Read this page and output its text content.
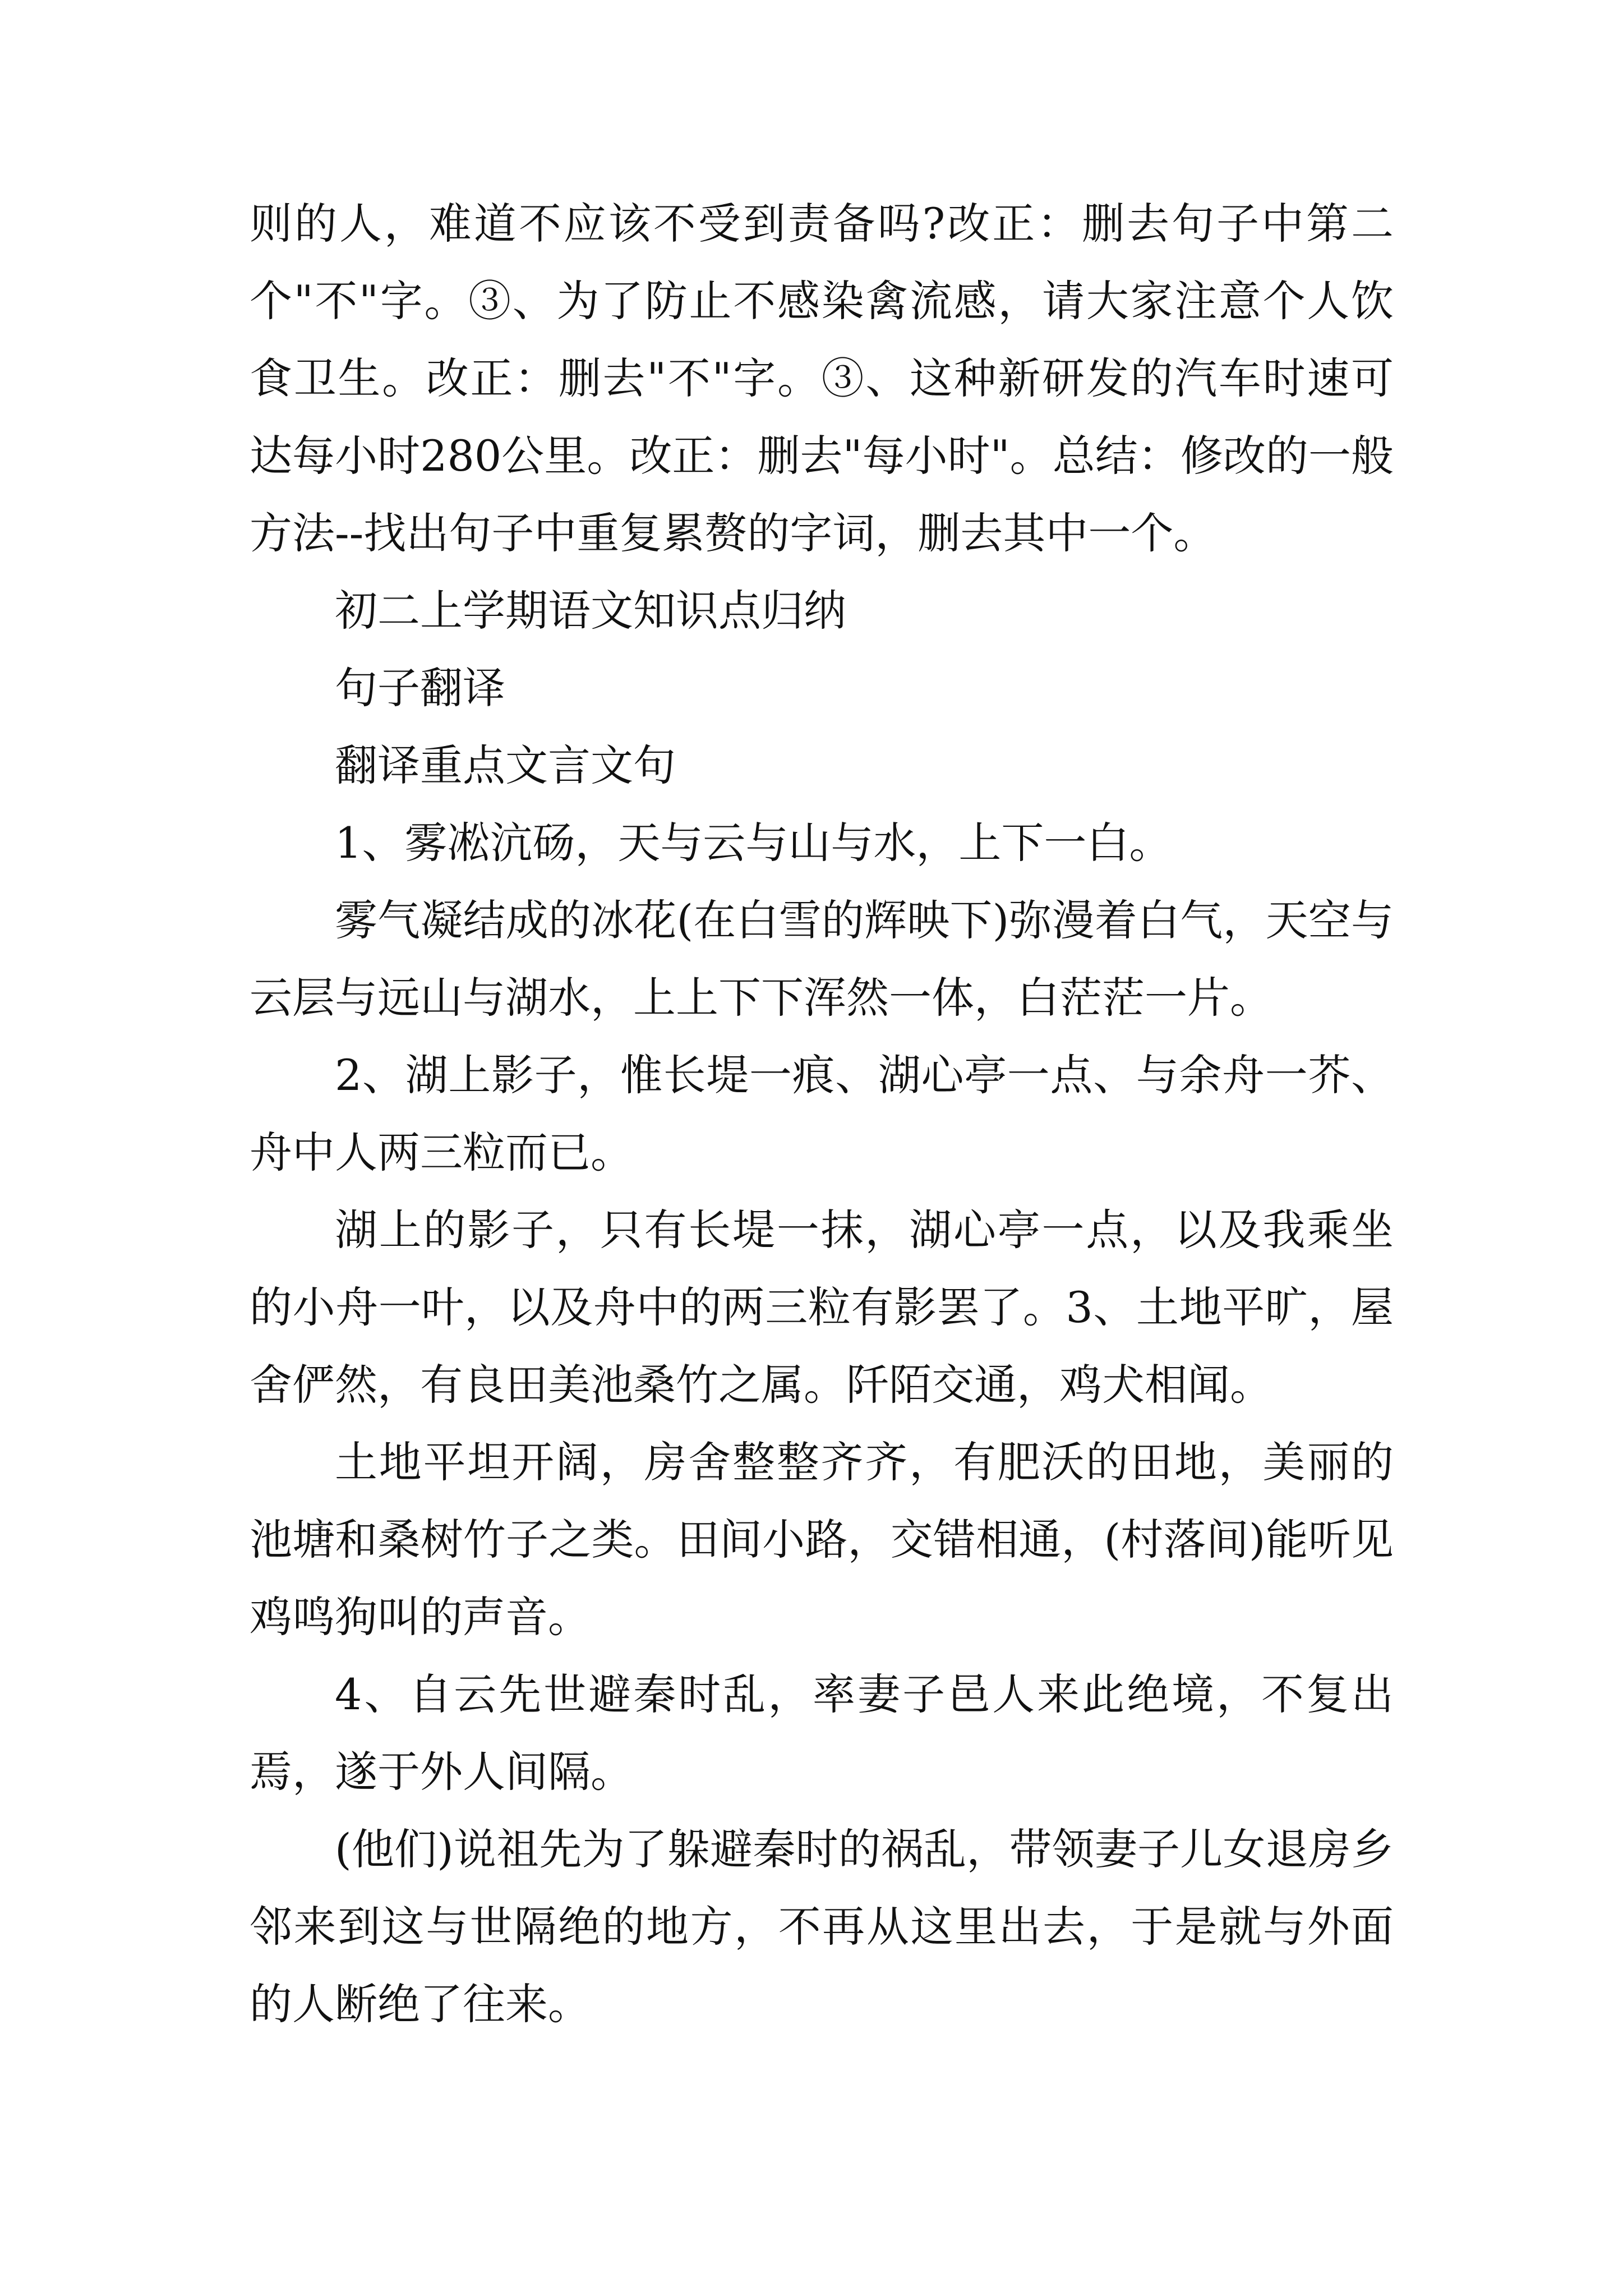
则的人，难道不应该不受到责备吗?改正：删去句子中第二个"不"字。③、为了防止不感染禽流感，请大家注意个人饮食卫生。改正：删去"不"字。③、这种新研发的汽车时速可达每小时280公里。改正：删去"每小时"。总结：修改的一般方法--找出句子中重复累赘的字词，删去其中一个。

初二上学期语文知识点归纳

句子翻译

翻译重点文言文句

1、雾凇沆砀，天与云与山与水，上下一白。

雾气凝结成的冰花(在白雪的辉映下)弥漫着白气，天空与云层与远山与湖水，上上下下浑然一体，白茫茫一片。

2、湖上影子，惟长堤一痕、湖心亭一点、与余舟一芥、舟中人两三粒而已。

湖上的影子，只有长堤一抹，湖心亭一点，以及我乘坐的小舟一叶，以及舟中的两三粒有影罢了。3、土地平旷，屋舍俨然，有良田美池桑竹之属。阡陌交通，鸡犬相闻。

土地平坦开阔，房舍整整齐齐，有肥沃的田地，美丽的池塘和桑树竹子之类。田间小路，交错相通，(村落间)能听见鸡鸣狗叫的声音。

4、自云先世避秦时乱，率妻子邑人来此绝境，不复出焉，遂于外人间隔。

(他们)说祖先为了躲避秦时的祸乱，带领妻子儿女退房乡邻来到这与世隔绝的地方，不再从这里出去，于是就与外面的人断绝了往来。
